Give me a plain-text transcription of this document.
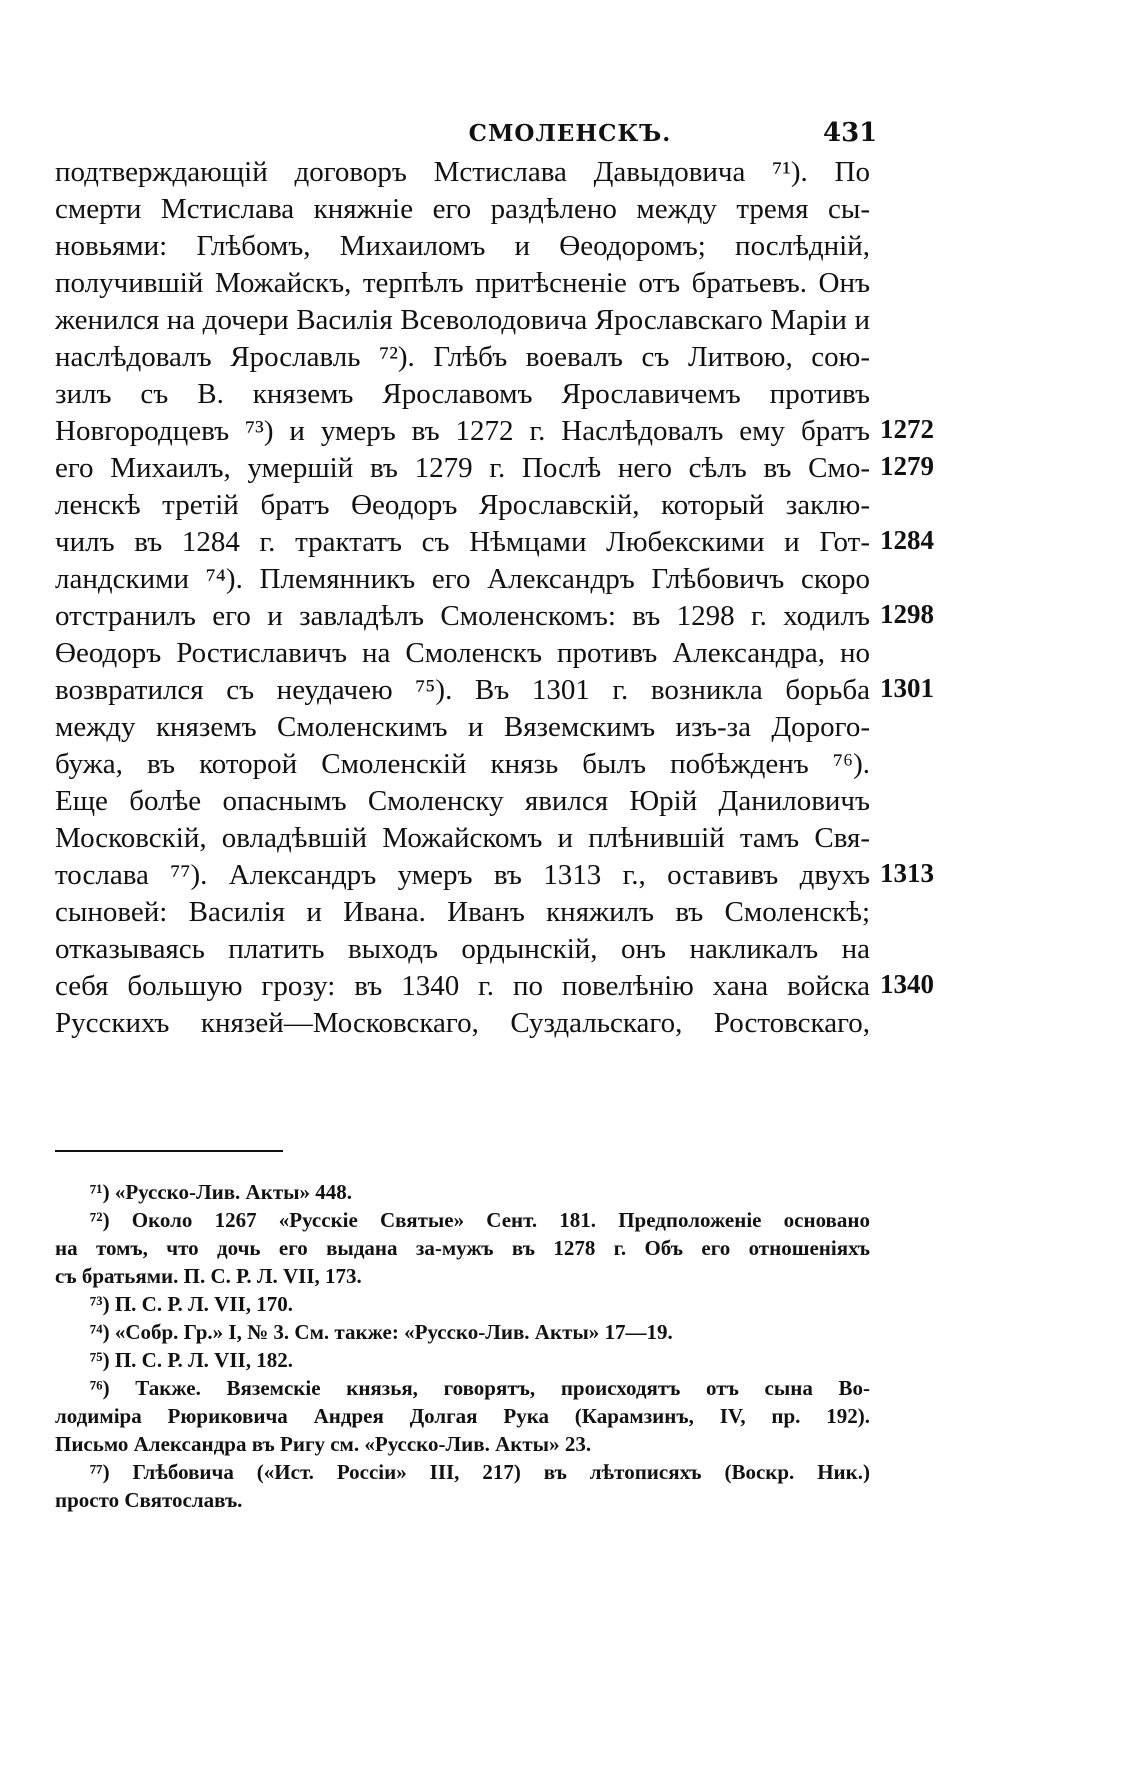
СМОЛЕНСКЪ.	431
подтверждающій договоръ Мстислава Давыдовича ⁷¹). По
смерти Мстислава княжніе его раздѣлено между тремя сы-
новьями: Глѣбомъ, Михаиломъ и Өеодоромъ; послѣдній,
получившій Можайскъ, терпѣлъ притѣсненіе отъ братьевъ. Онъ
женился на дочери Василія Всеволодовича Ярославскаго Маріи и
наслѣдовалъ Ярославль ⁷²). Глѣбъ воевалъ съ Литвою, сою-
зилъ съ В. княземъ Ярославомъ Ярославичемъ противъ
Новгородцевъ ⁷³) и умеръ въ 1272 г. Наслѣдовалъ ему братъ
его Михаилъ, умершій въ 1279 г. Послѣ него сѣлъ въ Смо-
ленскѣ третій братъ Өеодоръ Ярославскій, который заклю-
чилъ въ 1284 г. трактатъ съ Нѣмцами Любекскими и Гот-
ландскими ⁷⁴). Племянникъ его Александръ Глѣбовичъ скоро
отстранилъ его и завладѣлъ Смоленскомъ: въ 1298 г. ходилъ
Өеодоръ Ростиславичъ на Смоленскъ противъ Александра, но
возвратился съ неудачею ⁷⁵). Въ 1301 г. возникла борьба
между княземъ Смоленскимъ и Вяземскимъ изъ-за Дорого-
бужа, въ которой Смоленскій князь былъ побѣжденъ ⁷⁶).
Еще болѣе опаснымъ Смоленску явился Юрій Даниловичъ
Московскій, овладѣвшій Можайскомъ и плѣнившій тамъ Свя-
тослава ⁷⁷). Александръ умеръ въ 1313 г., оставивъ двухъ
сыновей: Василія и Ивана. Иванъ княжилъ въ Смоленскѣ;
отказываясь платить выходъ ордынскій, онъ накликалъ на
себя большую грозу: въ 1340 г. по повелѣнію хана войска
Русскихъ князей—Московскаго, Суздальскаго, Ростовскаго,
1272
1279
1284
1298
1301
1313
1340
⁷¹) «Русско-Лив. Акты» 448.
⁷²) Около 1267 «Русскіе Святые» Сент. 181. Предположеніе основано
на томъ, что дочь его выдана за-мужъ въ 1278 г. Объ его отношеніяхъ
съ братьями. П. С. Р. Л. VII, 173.
⁷³) П. С. Р. Л. VII, 170.
⁷⁴) «Собр. Гр.» I, № 3. См. также: «Русско-Лив. Акты» 17—19.
⁷⁵) П. С. Р. Л. VII, 182.
⁷⁶) Также. Вяземскіе князья, говорятъ, происходятъ отъ сына Во-
лодиміра Рюриковича Андрея Долгая Рука (Карамзинъ, IV, пр. 192).
Письмо Александра въ Ригу см. «Русско-Лив. Акты» 23.
⁷⁷) Глѣбовича («Ист. Россіи» III, 217) въ лѣтописяхъ (Воскр. Ник.)
просто Святославъ.
